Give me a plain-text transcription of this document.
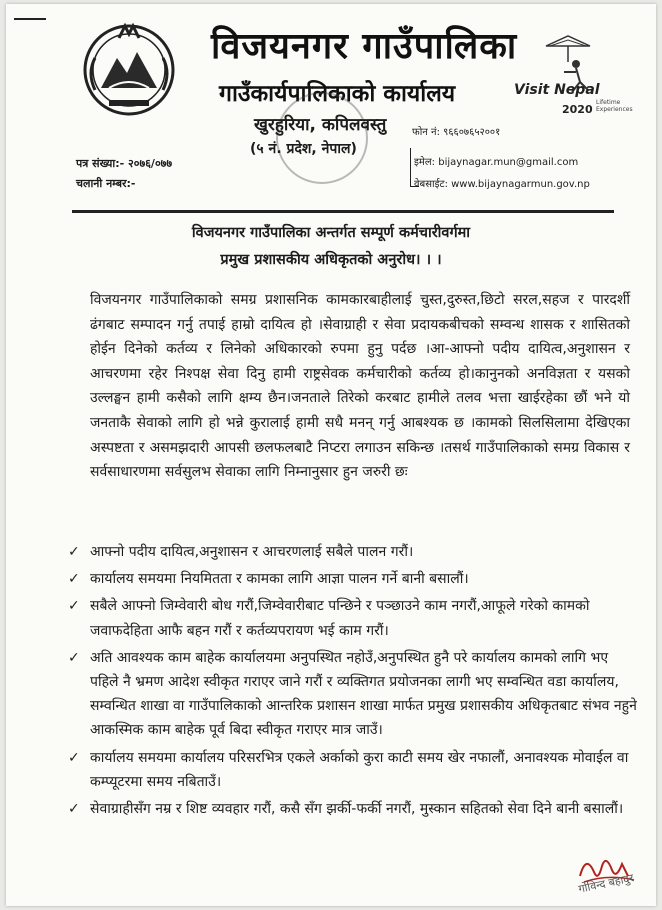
विजयनगर गाउँपालिका
गाउँकार्यपालिकाको कार्यालय
खुरहुरिया, कपिलवस्तु
(५ नं. प्रदेश, नेपाल)
Visit Nepal
2020
Lifetime Experiences
फोन नं: ९६६०७६५२००१
इमेल: bijaynagar.mun@gmail.com
वेबसाईट: www.bijaynagarmun.gov.np
पत्र संख्या:- २०७६/०७७
चलानी नम्बर:-
विजयनगर गाउँपालिका अन्तर्गत सम्पूर्ण कर्मचारीवर्गमा
प्रमुख प्रशासकीय अधिकृतको अनुरोध। । ।

विजयनगर गाउँपालिकाको समग्र प्रशासनिक कामकारबाहीलाई चुस्त,दुरुस्त,छिटो सरल,सहज र पारदर्शी ढंगबाट सम्पादन गर्नु तपाई हाम्रो दायित्व हो ।सेवाग्राही र सेवा प्रदायकबीचको सम्वन्ध शासक र शासितको होईन दिनेको कर्तव्य र लिनेको अधिकारको रुपमा हुनु पर्दछ ।आ-आफ्नो पदीय दायित्व,अनुशासन र आचरणमा रहेर निश्पक्ष सेवा दिनु हामी राष्ट्रसेवक कर्मचारीको कर्तव्य हो।कानुनको अनविज्ञता र यसको उल्लङ्घन हामी कसैको लागि क्षम्य छैन।जनताले तिरेको करबाट हामीले तलव भत्ता खाईरहेका छौं भने यो जनताकै सेवाको लागि हो भन्ने कुरालाई हामी सधै मनन् गर्नु आबश्यक छ ।कामको सिलसिलामा देखिएका अस्पष्टता र असमझदारी आपसी छलफलबाटै निप्टरा लगाउन सकिन्छ ।तसर्थ गाउँपालिकाको समग्र विकास र सर्वसाधारणमा सर्वसुलभ सेवाका लागि निम्नानुसार हुन जरुरी छः

✓ आफ्नो पदीय दायित्व,अनुशासन र आचरणलाई सबैले पालन गरौं।
✓ कार्यालय समयमा नियमितता र कामका लागि आज्ञा पालन गर्ने बानी बसालौं।
✓ सबैले आफ्नो जिम्वेवारी बोध गरौं,जिम्वेवारीबाट पन्छिने र पञ्छाउने काम नगरौं,आफूले गरेको कामको जवाफदेहिता आफै बहन गरौं र कर्तव्यपरायण भई काम गरौं।
✓ अति आवश्यक काम बाहेक कार्यालयमा अनुपस्थित नहोउँ,अनुपस्थित हुनै परे कार्यालय कामको लागि भए पहिले नै भ्रमण आदेश स्वीकृत गराएर जाने गरौं र व्यक्तिगत प्रयोजनका लागी भए सम्वन्धित वडा कार्यालय, सम्वन्धित शाखा वा गाउँपालिकाको आन्तरिक प्रशासन शाखा मार्फत प्रमुख प्रशासकीय अधिकृतबाट संभव नहुने आकस्मिक काम बाहेक पूर्व बिदा स्वीकृत गराएर मात्र जाउँ।
✓ कार्यालय समयमा कार्यालय परिसरभित्र एकले अर्काको कुरा काटी समय खेर नफालौं, अनावश्यक मोवाईल वा कम्प्यूटरमा समय नबिताउँ।
✓ सेवाग्राहीसँग नम्र र शिष्ट व्यवहार गरौं, कसै सँग झर्की-फर्की नगरौं, मुस्कान सहितको सेवा दिने बानी बसालौं।
गोविन्द बहादुर
